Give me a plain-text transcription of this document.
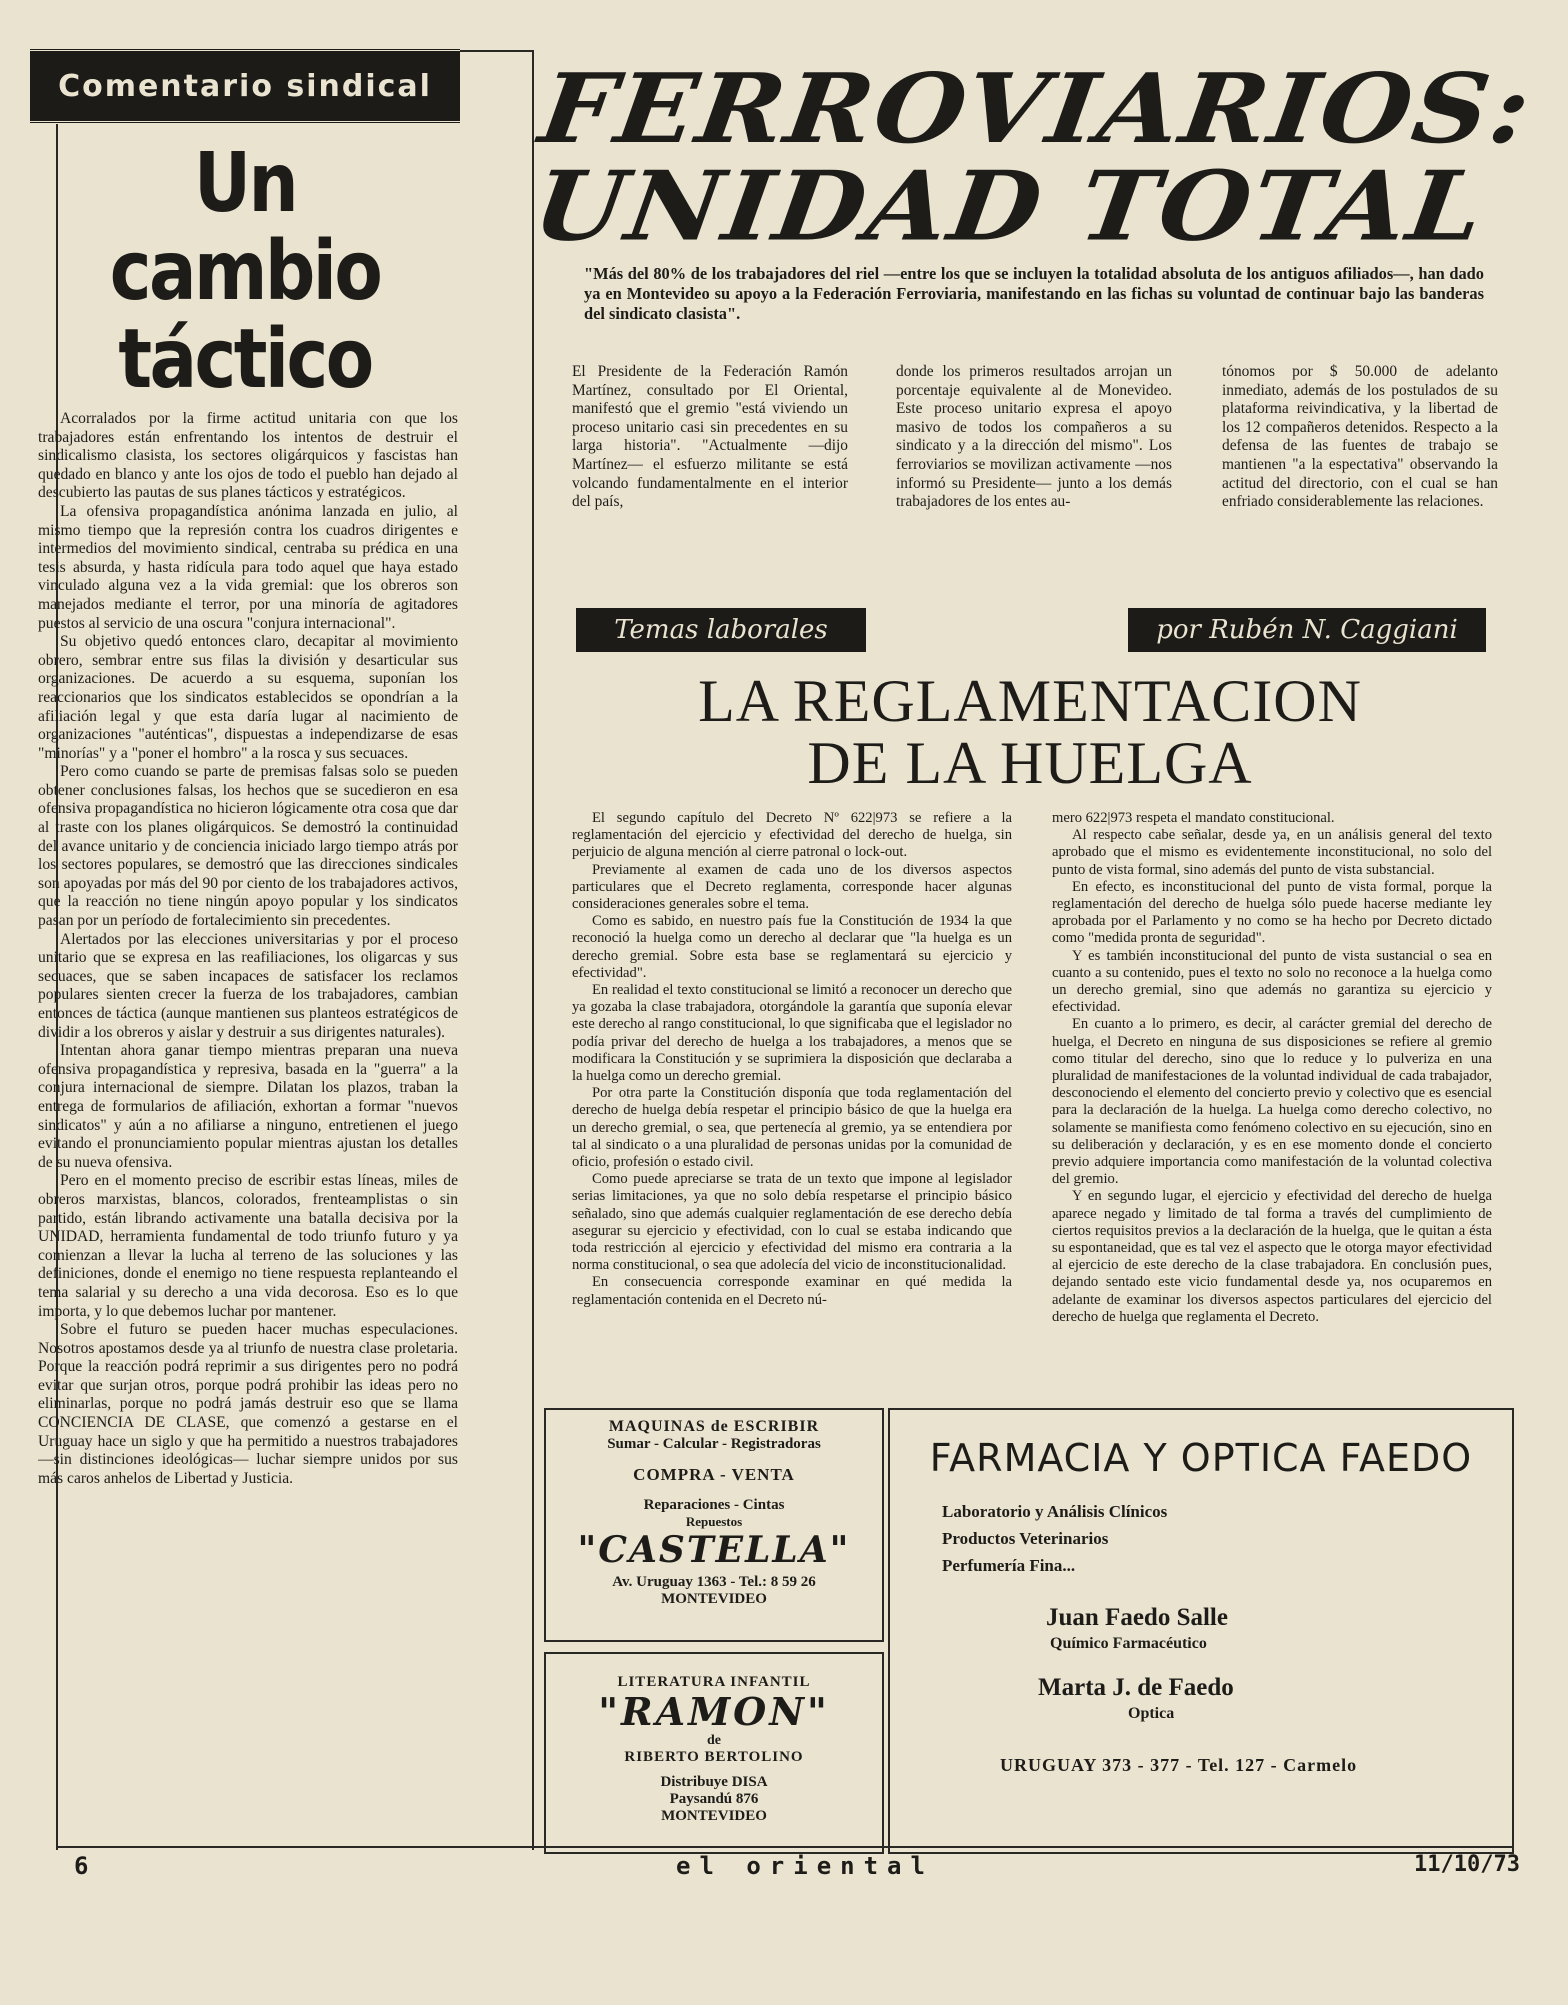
Comentario sindical
Un cambio
táctico

Acorralados por la firme actitud unitaria con que los trabajadores están enfrentando los intentos de destruir el sindicalismo clasista, los sectores oligárquicos y fascistas han quedado en blanco y ante los ojos de todo el pueblo han dejado al descubierto las pautas de sus planes tácticos y estratégicos.

La ofensiva propagandística anónima lanzada en julio, al mismo tiempo que la represión contra los cuadros dirigentes e intermedios del movimiento sindical, centraba su prédica en una tesis absurda, y hasta ridícula para todo aquel que haya estado vinculado alguna vez a la vida gremial: que los obreros son manejados mediante el terror, por una minoría de agitadores puestos al servicio de una oscura "conjura internacional".

Su objetivo quedó entonces claro, decapitar al movimiento obrero, sembrar entre sus filas la división y desarticular sus organizaciones. De acuerdo a su esquema, suponían los reaccionarios que los sindicatos establecidos se opondrían a la afiliación legal y que esta daría lugar al nacimiento de organizaciones "auténticas", dispuestas a independizarse de esas "minorías" y a "poner el hombro" a la rosca y sus secuaces.

Pero como cuando se parte de premisas falsas solo se pueden obtener conclusiones falsas, los hechos que se sucedieron en esa ofensiva propagandística no hicieron lógicamente otra cosa que dar al traste con los planes oligárquicos. Se demostró la continuidad del avance unitario y de conciencia iniciado largo tiempo atrás por los sectores populares, se demostró que las direcciones sindicales son apoyadas por más del 90 por ciento de los trabajadores activos, que la reacción no tiene ningún apoyo popular y los sindicatos pasan por un período de fortalecimiento sin precedentes.

Alertados por las elecciones universitarias y por el proceso unitario que se expresa en las reafiliaciones, los oligarcas y sus secuaces, que se saben incapaces de satisfacer los reclamos populares sienten crecer la fuerza de los trabajadores, cambian entonces de táctica (aunque mantienen sus planteos estratégicos de dividir a los obreros y aislar y destruir a sus dirigentes naturales).

Intentan ahora ganar tiempo mientras preparan una nueva ofensiva propagandística y represiva, basada en la "guerra" a la conjura internacional de siempre. Dilatan los plazos, traban la entrega de formularios de afiliación, exhortan a formar "nuevos sindicatos" y aún a no afiliarse a ninguno, entretienen el juego evitando el pronunciamiento popular mientras ajustan los detalles de su nueva ofensiva.

Pero en el momento preciso de escribir estas líneas, miles de obreros marxistas, blancos, colorados, frenteamplistas o sin partido, están librando activamente una batalla decisiva por la UNIDAD, herramienta fundamental de todo triunfo futuro y ya comienzan a llevar la lucha al terreno de las soluciones y las definiciones, donde el enemigo no tiene respuesta replanteando el tema salarial y su derecho a una vida decorosa. Eso es lo que importa, y lo que debemos luchar por mantener.

Sobre el futuro se pueden hacer muchas especulaciones. Nosotros apostamos desde ya al triunfo de nuestra clase proletaria. Porque la reacción podrá reprimir a sus dirigentes pero no podrá evitar que surjan otros, porque podrá prohibir las ideas pero no eliminarlas, porque no podrá jamás destruir eso que se llama CONCIENCIA DE CLASE, que comenzó a gestarse en el Uruguay hace un siglo y que ha permitido a nuestros trabajadores —sin distinciones ideológicas— luchar siempre unidos por sus más caros anhelos de Libertad y Justicia.

FERROVIARIOS:
UNIDAD TOTAL
"Más del 80% de los trabajadores del riel —entre los que se incluyen la totalidad absoluta de los antiguos afiliados—, han dado ya en Montevideo su apoyo a la Federación Ferroviaria, manifestando en las fichas su voluntad de continuar bajo las banderas del sindicato clasista".
El Presidente de la Federación Ramón Martínez, consultado por El Oriental, manifestó que el gremio "está viviendo un proceso unitario casi sin precedentes en su larga historia". "Actualmente —dijo Martínez— el esfuerzo militante se está volcando fundamentalmente en el interior del país,
donde los primeros resultados arrojan un porcentaje equivalente al de Monevideo. Este proceso unitario expresa el apoyo masivo de todos los compañeros a su sindicato y a la dirección del mismo". Los ferroviarios se movilizan activamente —nos informó su Presidente— junto a los demás trabajadores de los entes au-
tónomos por $ 50.000 de adelanto inmediato, además de los postulados de su plataforma reivindicativa, y la libertad de los 12 compañeros detenidos. Respecto a la defensa de las fuentes de trabajo se mantienen "a la espectativa" observando la actitud del directorio, con el cual se han enfriado considerablemente las relaciones.
Temas laborales	por Rubén N. Caggiani
LA REGLAMENTACION
DE LA HUELGA

El segundo capítulo del Decreto Nº 622|973 se refiere a la reglamentación del ejercicio y efectividad del derecho de huelga, sin perjuicio de alguna mención al cierre patronal o lock-out.

Previamente al examen de cada uno de los diversos aspectos particulares que el Decreto reglamenta, corresponde hacer algunas consideraciones generales sobre el tema.

Como es sabido, en nuestro país fue la Constitución de 1934 la que reconoció la huelga como un derecho al declarar que "la huelga es un derecho gremial. Sobre esta base se reglamentará su ejercicio y efectividad".

En realidad el texto constitucional se limitó a reconocer un derecho que ya gozaba la clase trabajadora, otorgándole la garantía que suponía elevar este derecho al rango constitucional, lo que significaba que el legislador no podía privar del derecho de huelga a los trabajadores, a menos que se modificara la Constitución y se suprimiera la disposición que declaraba a la huelga como un derecho gremial.

Por otra parte la Constitución disponía que toda reglamentación del derecho de huelga debía respetar el principio básico de que la huelga era un derecho gremial, o sea, que pertenecía al gremio, ya se entendiera por tal al sindicato o a una pluralidad de personas unidas por la comunidad de oficio, profesión o estado civil.

Como puede apreciarse se trata de un texto que impone al legislador serias limitaciones, ya que no solo debía respetarse el principio básico señalado, sino que además cualquier reglamentación de ese derecho debía asegurar su ejercicio y efectividad, con lo cual se estaba indicando que toda restricción al ejercicio y efectividad del mismo era contraria a la norma constitucional, o sea que adolecía del vicio de inconstitucionalidad.

En consecuencia corresponde examinar en qué medida la reglamentación contenida en el Decreto nú-

mero 622|973 respeta el mandato constitucional.

Al respecto cabe señalar, desde ya, en un análisis general del texto aprobado que el mismo es evidentemente inconstitucional, no solo del punto de vista formal, sino además del punto de vista substancial.

En efecto, es inconstitucional del punto de vista formal, porque la reglamentación del derecho de huelga sólo puede hacerse mediante ley aprobada por el Parlamento y no como se ha hecho por Decreto dictado como "medida pronta de seguridad".

Y es también inconstitucional del punto de vista sustancial o sea en cuanto a su contenido, pues el texto no solo no reconoce a la huelga como un derecho gremial, sino que además no garantiza su ejercicio y efectividad.

En cuanto a lo primero, es decir, al carácter gremial del derecho de huelga, el Decreto en ninguna de sus disposiciones se refiere al gremio como titular del derecho, sino que lo reduce y lo pulveriza en una pluralidad de manifestaciones de la voluntad individual de cada trabajador, desconociendo el elemento del concierto previo y colectivo que es esencial para la declaración de la huelga. La huelga como derecho colectivo, no solamente se manifiesta como fenómeno colectivo en su ejecución, sino en su deliberación y declaración, y es en ese momento donde el concierto previo adquiere importancia como manifestación de la voluntad colectiva del gremio.

Y en segundo lugar, el ejercicio y efectividad del derecho de huelga aparece negado y limitado de tal forma a través del cumplimiento de ciertos requisitos previos a la declaración de la huelga, que le quitan a ésta su espontaneidad, que es tal vez el aspecto que le otorga mayor efectividad al ejercicio de este derecho de la clase trabajadora. En conclusión pues, dejando sentado este vicio fundamental desde ya, nos ocuparemos en adelante de examinar los diversos aspectos particulares del ejercicio del derecho de huelga que reglamenta el Decreto.

MAQUINAS de ESCRIBIR
Sumar - Calcular - Registradoras
COMPRA - VENTA
Reparaciones - Cintas
Repuestos
"CASTELLA"
Av. Uruguay 1363 - Tel.: 8 59 26
MONTEVIDEO
LITERATURA INFANTIL
"RAMON"
de
RIBERTO BERTOLINO
Distribuye DISA
Paysandú 876
MONTEVIDEO
FARMACIA Y OPTICA FAEDO
Laboratorio y Análisis Clínicos
Productos Veterinarios
Perfumería Fina...
Juan Faedo Salle
Químico Farmacéutico
Marta J. de Faedo
Optica
URUGUAY 373 - 377 - Tel. 127 - Carmelo
6	el oriental	11/10/73
